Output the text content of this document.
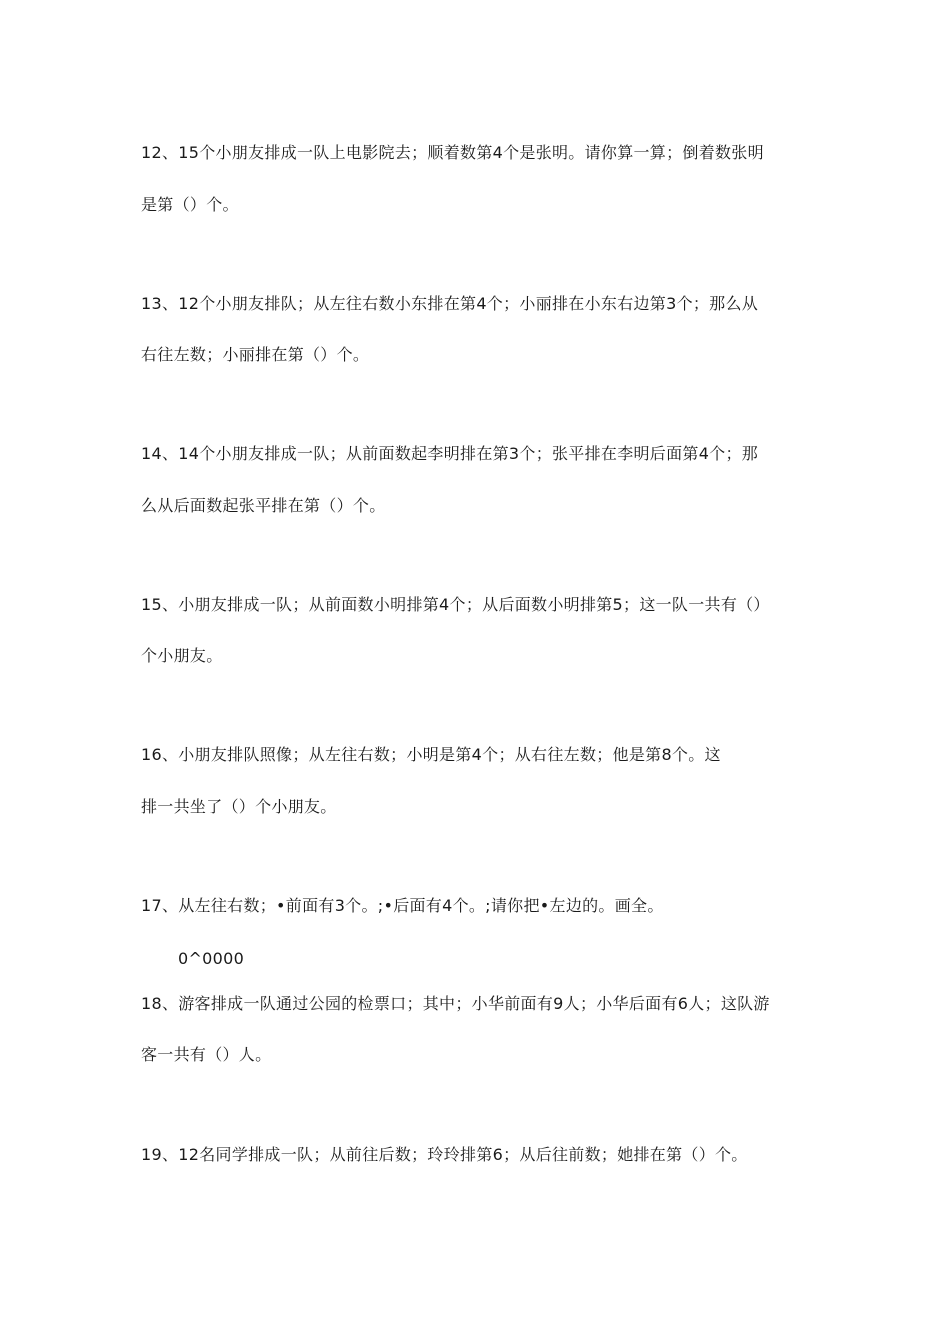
12、15个小朋友排成一队上电影院去；顺着数第4个是张明。请你算一算；倒着数张明
是第（）个。
13、12个小朋友排队；从左往右数小东排在第4个；小丽排在小东右边第3个；那么从
右往左数；小丽排在第（）个。
14、14个小朋友排成一队；从前面数起李明排在第3个；张平排在李明后面第4个；那
么从后面数起张平排在第（）个。
15、小朋友排成一队；从前面数小明排第4个；从后面数小明排第5；这一队一共有（）
个小朋友。
16、小朋友排队照像；从左往右数；小明是第4个；从右往左数；他是第8个。这
排一共坐了（）个小朋友。
17、从左往右数；•前面有3个。;•后面有4个。;请你把•左边的。画全。
0^0000
18、游客排成一队通过公园的检票口；其中；小华前面有9人；小华后面有6人；这队游
客一共有（）人。
19、12名同学排成一队；从前往后数；玲玲排第6；从后往前数；她排在第（）个。
